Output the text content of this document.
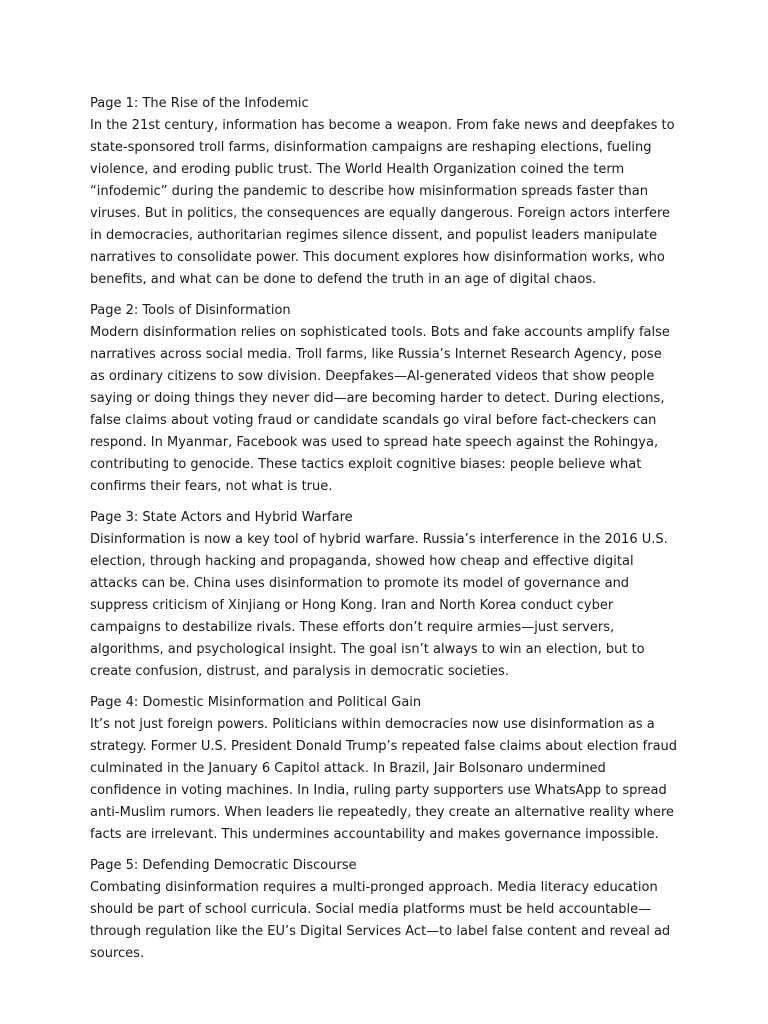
Page 1: The Rise of the Infodemic

In the 21st century, information has become a weapon. From fake news and deepfakes to state-sponsored troll farms, disinformation campaigns are reshaping elections, fueling violence, and eroding public trust. The World Health Organization coined the term “infodemic” during the pandemic to describe how misinformation spreads faster than viruses. But in politics, the consequences are equally dangerous. Foreign actors interfere in democracies, authoritarian regimes silence dissent, and populist leaders manipulate narratives to consolidate power. This document explores how disinformation works, who benefits, and what can be done to defend the truth in an age of digital chaos.

Page 2: Tools of Disinformation

Modern disinformation relies on sophisticated tools. Bots and fake accounts amplify false narratives across social media. Troll farms, like Russia’s Internet Research Agency, pose as ordinary citizens to sow division. Deepfakes—AI-generated videos that show people saying or doing things they never did—are becoming harder to detect. During elections, false claims about voting fraud or candidate scandals go viral before fact-checkers can respond. In Myanmar, Facebook was used to spread hate speech against the Rohingya, contributing to genocide. These tactics exploit cognitive biases: people believe what confirms their fears, not what is true.

Page 3: State Actors and Hybrid Warfare

Disinformation is now a key tool of hybrid warfare. Russia’s interference in the 2016 U.S. election, through hacking and propaganda, showed how cheap and effective digital attacks can be. China uses disinformation to promote its model of governance and suppress criticism of Xinjiang or Hong Kong. Iran and North Korea conduct cyber campaigns to destabilize rivals. These efforts don’t require armies—just servers, algorithms, and psychological insight. The goal isn’t always to win an election, but to create confusion, distrust, and paralysis in democratic societies.

Page 4: Domestic Misinformation and Political Gain

It’s not just foreign powers. Politicians within democracies now use disinformation as a strategy. Former U.S. President Donald Trump’s repeated false claims about election fraud culminated in the January 6 Capitol attack. In Brazil, Jair Bolsonaro undermined confidence in voting machines. In India, ruling party supporters use WhatsApp to spread anti-Muslim rumors. When leaders lie repeatedly, they create an alternative reality where facts are irrelevant. This undermines accountability and makes governance impossible.

Page 5: Defending Democratic Discourse

Combating disinformation requires a multi-pronged approach. Media literacy education should be part of school curricula. Social media platforms must be held accountable—through regulation like the EU’s Digital Services Act—to label false content and reveal ad sources.
